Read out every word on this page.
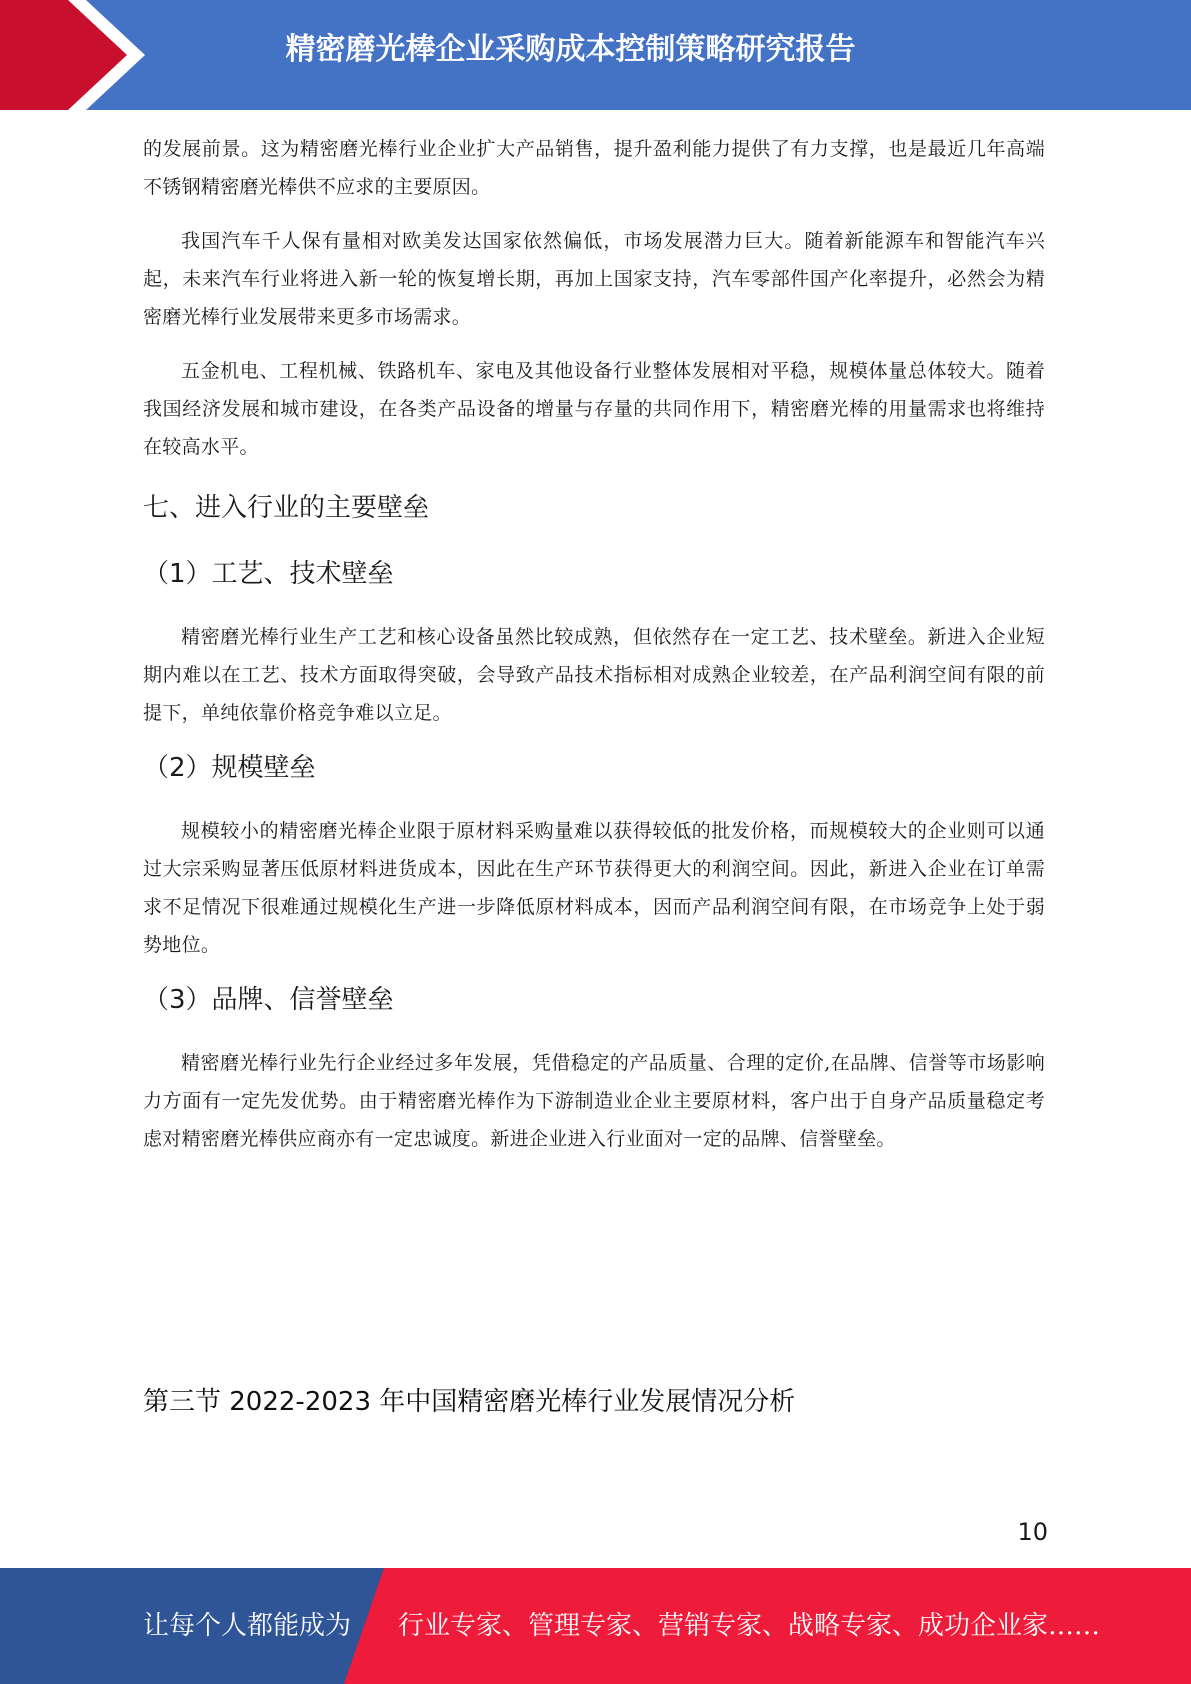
精密磨光棒企业采购成本控制策略研究报告

的发展前景。这为精密磨光棒行业企业扩大产品销售，提升盈利能力提供了有力支撑，也是最近几年高端不锈钢精密磨光棒供不应求的主要原因。

我国汽车千人保有量相对欧美发达国家依然偏低，市场发展潜力巨大。随着新能源车和智能汽车兴起，未来汽车行业将进入新一轮的恢复增长期，再加上国家支持，汽车零部件国产化率提升，必然会为精密磨光棒行业发展带来更多市场需求。

五金机电、工程机械、铁路机车、家电及其他设备行业整体发展相对平稳，规模体量总体较大。随着我国经济发展和城市建设，在各类产品设备的增量与存量的共同作用下，精密磨光棒的用量需求也将维持在较高水平。

七、进入行业的主要壁垒
（1）工艺、技术壁垒

精密磨光棒行业生产工艺和核心设备虽然比较成熟，但依然存在一定工艺、技术壁垒。新进入企业短期内难以在工艺、技术方面取得突破，会导致产品技术指标相对成熟企业较差，在产品利润空间有限的前提下，单纯依靠价格竞争难以立足。

（2）规模壁垒

规模较小的精密磨光棒企业限于原材料采购量难以获得较低的批发价格，而规模较大的企业则可以通过大宗采购显著压低原材料进货成本，因此在生产环节获得更大的利润空间。因此，新进入企业在订单需求不足情况下很难通过规模化生产进一步降低原材料成本，因而产品利润空间有限，在市场竞争上处于弱势地位。

（3）品牌、信誉壁垒

精密磨光棒行业先行企业经过多年发展，凭借稳定的产品质量、合理的定价,在品牌、信誉等市场影响力方面有一定先发优势。由于精密磨光棒作为下游制造业企业主要原材料，客户出于自身产品质量稳定考虑对精密磨光棒供应商亦有一定忠诚度。新进企业进入行业面对一定的品牌、信誉壁垒。

第三节 2022-2023 年中国精密磨光棒行业发展情况分析
10
让每个人都能成为 行业专家、管理专家、营销专家、战略专家、成功企业家……
